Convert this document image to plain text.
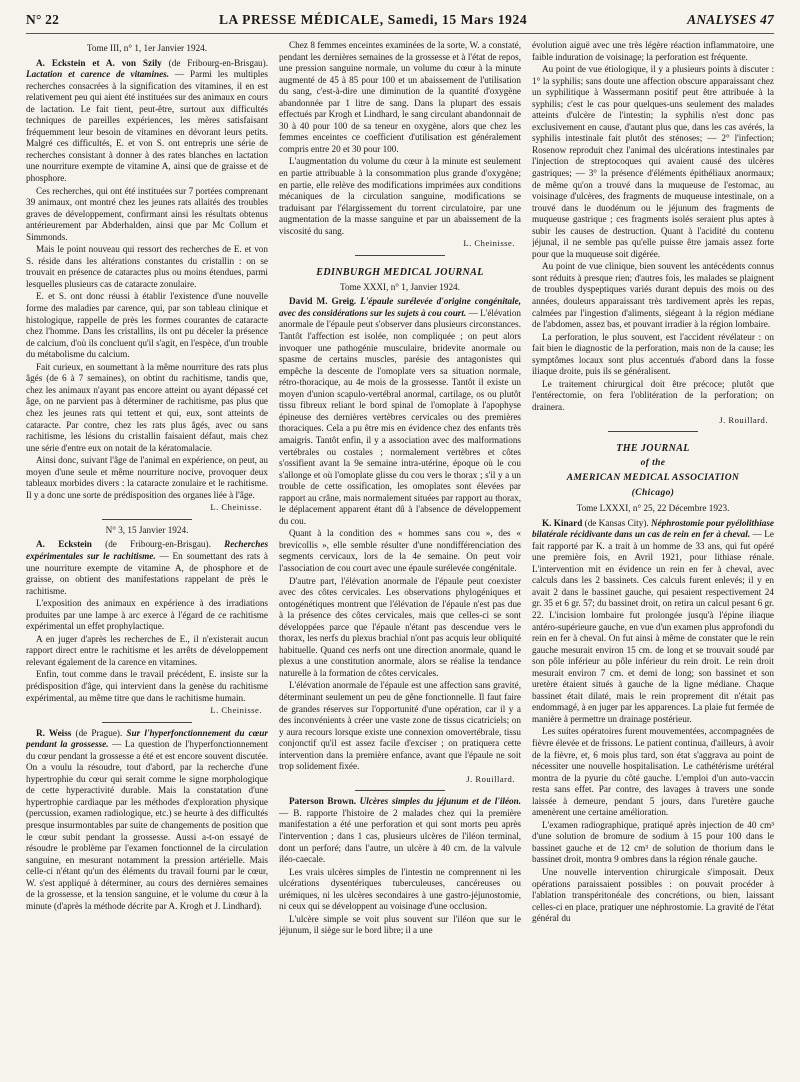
N° 22	LA PRESSE MÉDICALE, Samedi, 15 Mars 1924	ANALYSES 47
Tome III, n° 1, 1er Janvier 1924.

A. Eckstein et A. von Szily (de Fribourg-en-Brisgau). Lactation et carence de vitamines. — Parmi les multiples recherches consacrées à la signification des vitamines, il en est relativement peu qui aient été instituées sur des animaux en cours de lactation. Le fait tient, peut-être, surtout aux difficultés techniques de pareilles expériences, les mères satisfaisant fréquemment leur besoin de vitamines en dévorant leurs petits. Malgré ces difficultés, E. et von S. ont entrepris une série de recherches consistant à donner à des rates blanches en lactation une nourriture exempte de vitamine A, ainsi que de graisse et de phosphore.

Ces recherches, qui ont été instituées sur 7 portées comprenant 39 animaux, ont montré chez les jeunes rats allaités des troubles graves de développement, confirmant ainsi les résultats obtenus antérieurement par Abderhalden, ainsi que par Mc Collum et Simmonds.

Mais le point nouveau qui ressort des recherches de E. et von S. réside dans les altérations constantes du cristallin : on se trouvait en présence de cataractes plus ou moins étendues, parmi lesquelles plusieurs cas de cataracte zonulaire.

E. et S. ont donc réussi à établir l'existence d'une nouvelle forme des maladies par carence, qui, par son tableau clinique et histologique, rappelle de près les formes courantes de cataracte chez l'homme. Dans les cristallins, ils ont pu déceler la présence de calcium, d'où ils concluent qu'il s'agit, en l'espèce, d'un trouble du métabolisme du calcium.

Fait curieux, en soumettant à la même nourriture des rats plus âgés (de 6 à 7 semaines), on obtint du rachitisme, tandis que, chez les animaux n'ayant pas encore atteint ou ayant dépassé cet âge, on ne parvient pas à déterminer de rachitisme, pas plus que chez les jeunes rats qui tettent et qui, eux, sont atteints de cataracte. Par contre, chez les rats plus âgés, avec ou sans rachitisme, les lésions du cristallin faisaient défaut, mais chez une série d'entre eux on notait de la kératomalacie.

Ainsi donc, suivant l'âge de l'animal en expérience, on peut, au moyen d'une seule et même nourriture nocive, provoquer deux tableaux morbides divers : la cataracte zonulaire et le rachitisme. Il y a donc une sorte de prédisposition des organes liée à l'âge.

L. Cheinisse.
N° 3, 15 Janvier 1924.

A. Eckstein (de Fribourg-en-Brisgau). Recherches expérimentales sur le rachitisme. — En soumettant des rats à une nourriture exempte de vitamine A, de phosphore et de graisse, on obtient des manifestations rappelant de près le rachitisme.

L'exposition des animaux en expérience à des irradiations produites par une lampe à arc exerce à l'égard de ce rachitisme expérimental un effet prophylactique.

A en juger d'après les recherches de E., il n'existerait aucun rapport direct entre le rachitisme et les arrêts de développement relevant également de la carence en vitamines.

Enfin, tout comme dans le travail précédent, E. insiste sur la prédisposition d'âge, qui intervient dans la genèse du rachitisme expérimental, au même titre que dans le rachitisme humain.

L. Cheinisse.

R. Weiss (de Prague). Sur l'hyperfonctionnement du cœur pendant la grossesse. — La question de l'hyperfonctionnement du cœur pendant la grossesse a été et est encore souvent discutée. On a voulu la résoudre, tout d'abord, par la recherche d'une hypertrophie du cœur qui serait comme le signe morphologique de cette hyperactivité durable. Mais la constatation d'une hypertrophie cardiaque par les méthodes d'exploration physique (percussion, examen radiologique, etc.) se heurte à des difficultés presque insurmontables par suite de changements de position que le cœur subit pendant la grossesse. Aussi a-t-on essayé de résoudre le problème par l'examen fonctionnel de la circulation sanguine, en mesurant notamment la pression artérielle. Mais celle-ci n'étant qu'un des éléments du travail fourni par le cœur, W. s'est appliqué à déterminer, au cours des dernières semaines de la grossesse, et la tension sanguine, et le volume du cœur à la minute (d'après la méthode décrite par A. Krogh et J. Lindhard).

Chez 8 femmes enceintes examinées de la sorte, W. a constaté, pendant les dernières semaines de la grossesse et à l'état de repos, une pression sanguine normale, un volume du cœur à la minute augmenté de 45 à 85 pour 100 et un abaissement de l'utilisation du sang, c'est-à-dire une diminution de la quantité d'oxygène abandonnée par 1 litre de sang. Dans la plupart des essais effectués par Krogh et Lindhard, le sang circulant abandonnait de 30 à 40 pour 100 de sa teneur en oxygène, alors que chez les femmes enceintes ce coefficient d'utilisation est généralement compris entre 20 et 30 pour 100.

L'augmentation du volume du cœur à la minute est seulement en partie attribuable à la consommation plus grande d'oxygène; en partie, elle relève des modifications imprimées aux conditions mécaniques de la circulation sanguine, modifications se traduisant par l'élargissement du torrent circulatoire, par une augmentation de la masse sanguine et par un abaissement de la viscosité du sang.

L. Cheinisse.
EDINBURGH MEDICAL JOURNAL
Tome XXXI, n° 1, Janvier 1924.

David M. Greig. L'épaule surélevée d'origine congénitale, avec des considérations sur les sujets à cou court. — L'élévation anormale de l'épaule peut s'observer dans plusieurs circonstances. Tantôt l'affection est isolée, non compliquée ; on peut alors invoquer une pathogénie musculaire, bridevite anormale ou spasme de certains muscles, parésie des antagonistes qui empêche la descente de l'omoplate vers sa situation normale, rétro-thoracique, au 4e mois de la grossesse. Tantôt il existe un moyen d'union scapulo-vertébral anormal, cartilage, os ou plutôt tissu fibreux reliant le bord spinal de l'omoplate à l'apophyse épineuse des dernières vertèbres cervicales ou des premières thoraciques. Cela a pu être mis en évidence chez des enfants très amaigris. Tantôt enfin, il y a association avec des malformations vertébrales ou costales ; normalement vertèbres et côtes s'ossifient avant la 9e semaine intra-utérine, époque où le cou s'allonge et où l'omoplate glisse du cou vers le thorax ; s'il y a un trouble de cette ossification, les omoplates sont élevées par rapport au crâne, mais normalement situées par rapport au thorax, le déplacement apparent étant dû à l'absence de développement du cou.

Quant à la condition des « hommes sans cou », des « brevicollis », elle semble résulter d'une nondifférenciation des segments cervicaux, lors de la 4e semaine. On peut voir l'association de cou court avec une épaule surélevée congénitale.

D'autre part, l'élévation anormale de l'épaule peut coexister avec des côtes cervicales. Les observations phylogéniques et ontogénétiques montrent que l'élévation de l'épaule n'est pas due à la présence des côtes cervicales, mais que celles-ci se sont développées parce que l'épaule n'étant pas descendue vers le thorax, les nerfs du plexus brachial n'ont pas acquis leur obliquité habituelle. Quand ces nerfs ont une direction anormale, quand le plexus a une constitution anormale, alors se réalise la tendance naturelle à la formation de côtes cervicales.

L'élévation anormale de l'épaule est une affection sans gravité, déterminant seulement un peu de gêne fonctionnelle. Il faut faire de grandes réserves sur l'opportunité d'une opération, car il y a des inconvénients à créer une vaste zone de tissus cicatriciels; on y aura recours lorsque existe une connexion omovertébrale, tissu conjonctif qu'il est assez facile d'exciser ; on pratiquera cette intervention dans la première enfance, avant que l'épaule ne soit trop solidement fixée.

J. Rouillard.

Paterson Brown. Ulcères simples du jéjunum et de l'iléon. — B. rapporte l'histoire de 2 malades chez qui la première manifestation a été une perforation et qui sont morts peu après l'intervention ; dans 1 cas, plusieurs ulcères de l'iléon terminal, dont un perforé; dans l'autre, un ulcère à 40 cm. de la valvule iléo-caecale.

Les vrais ulcères simples de l'intestin ne comprennent ni les ulcérations dysentériques tuberculeuses, cancéreuses ou urémiques, ni les ulcères secondaires à une gastro-jéjunostomie, ni ceux qui se développent au voisinage d'une occlusion.

L'ulcère simple se voit plus souvent sur l'iléon que sur le jéjunum, il siège sur le bord libre; il a une

évolution aiguë avec une très légère réaction inflammatoire, une faible induration de voisinage; la perforation est fréquente.

Au point de vue étiologique, il y a plusieurs points à discuter : 1° la syphilis; sans doute une affection obscure apparaissant chez un syphilitique à Wassermann positif peut être attribuée à la syphilis; c'est le cas pour quelques-uns seulement des malades atteints d'ulcère de l'intestin; la syphilis n'est donc pas exclusivement en cause, d'autant plus que, dans les cas avérés, la syphilis intestinale fait plutôt des sténoses; — 2° l'infection; Rosenow reproduit chez l'animal des ulcérations intestinales par l'injection de streptocoques qui avaient causé des ulcères gastriques; — 3° la présence d'éléments épithéliaux anormaux; de même qu'on a trouvé dans la muqueuse de l'estomac, au voisinage d'ulcères, des fragments de muqueuse intestinale, on a trouvé dans le duodénum ou le jéjunum des fragments de muqueuse gastrique ; ces fragments isolés seraient plus aptes à subir les causes de destruction. Quant à l'acidité du contenu jéjunal, il ne semble pas qu'elle puisse être jamais assez forte pour que la muqueuse soit digérée.

Au point de vue clinique, bien souvent les antécédents connus sont réduits à presque rien; d'autres fois, les malades se plaignent de troubles dyspeptiques variés durant depuis des mois ou des années, douleurs apparaissant très tardivement après les repas, calmées par l'ingestion d'aliments, siégeant à la région médiane de l'abdomen, assez bas, et pouvant irradier à la région lombaire.

La perforation, le plus souvent, est l'accident révélateur : on fait bien le diagnostic de la perforation, mais non de la cause; les symptômes locaux sont plus accentués d'abord dans la fosse iliaque droite, puis ils se généralisent.

Le traitement chirurgical doit être précoce; plutôt que l'entérectomie, on fera l'oblitération de la perforation; on drainera.

J. Rouillard.
THE JOURNAL
of the
AMERICAN MEDICAL ASSOCIATION
(Chicago)
Tome LXXXI, n° 25, 22 Décembre 1923.

K. Kinard (de Kansas City). Néphrostomie pour pyélolithiase bilatérale récidivante dans un cas de rein en fer à cheval. — Le fait rapporté par K. a trait à un homme de 33 ans, qui fut opéré une première fois, en Avril 1921, pour lithiase rénale. L'intervention mit en évidence un rein en fer à cheval, avec calculs dans les 2 bassinets. Ces calculs furent enlevés; il y en avait 2 dans le bassinet gauche, qui pesaient respectivement 24 gr. 35 et 6 gr. 57; du bassinet droit, on retira un calcul pesant 6 gr. 22. L'incision lombaire fut prolongée jusqu'à l'épine iliaque antéro-supérieure gauche, en vue d'un examen plus approfondi du rein en fer à cheval. On fut ainsi à même de constater que le rein gauche mesurait environ 15 cm. de long et se trouvait soudé par son pôle inférieur au pôle inférieur du rein droit. Le rein droit mesurait environ 7 cm. et demi de long; son bassinet et son uretère étaient situés à gauche de la ligne médiane. Chaque bassinet était dilaté, mais le rein proprement dit n'était pas endommagé, à en juger par les apparences. La plaie fut fermée de manière à permettre un drainage postérieur.

Les suites opératoires furent mouvementées, accompagnées de fièvre élevée et de frissons. Le patient continua, d'ailleurs, à avoir de la fièvre, et, 6 mois plus tard, son état s'aggrava au point de nécessiter une nouvelle hospitalisation. Le cathétérisme urétéral montra de la pyurie du côté gauche. L'emploi d'un auto-vaccin resta sans effet. Par contre, des lavages à travers une sonde laissée à demeure, pendant 5 jours, dans l'uretère gauche amenèrent une certaine amélioration.

L'examen radiographique, pratiqué après injection de 40 cm³ d'une solution de bromure de sodium à 15 pour 100 dans le bassinet gauche et de 12 cm³ de solution de thorium dans le bassinet droit, montra 9 ombres dans la région rénale gauche.

Une nouvelle intervention chirurgicale s'imposait. Deux opérations paraissaient possibles : on pouvait procéder à l'ablation transpéritonéale des concrétions, ou bien, laissant celles-ci en place, pratiquer une néphrostomie. La gravité de l'état général du
